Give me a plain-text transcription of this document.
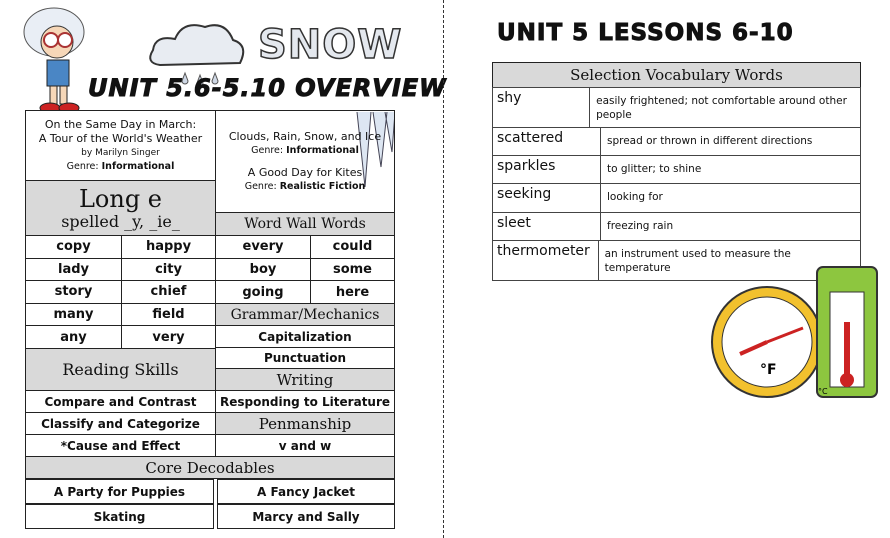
SNOW
UNIT 5.6-5.10 OVERVIEW
On the Same Day in March:
A Tour of the World's Weather
by Marilyn Singer
Genre: Informational
Long e
spelled _y, _ie_
copy	happy
lady	city
story	chief
many	field
any	very
Reading Skills
Compare and Contrast
Classify and Categorize
*Cause and Effect
Clouds, Rain, Snow, and Ice
Genre: Informational
A Good Day for Kites
Genre: Realistic Fiction
Word Wall Words
every	could
boy	some
going	here
Grammar/Mechanics
Capitalization
Punctuation
Writing
Responding to Literature
Penmanship
v and w
Core Decodables
A Party for Puppies	A Fancy Jacket
Skating	Marcy and Sally
UNIT 5 LESSONS 6-10
Selection Vocabulary Words
shy	easily frightened; not comfortable around other people
scattered	spread or thrown in different directions
sparkles	to glitter; to shine
seeking	looking for
sleet	freezing rain
thermometer	an instrument used to measure the temperature
°F
°C
